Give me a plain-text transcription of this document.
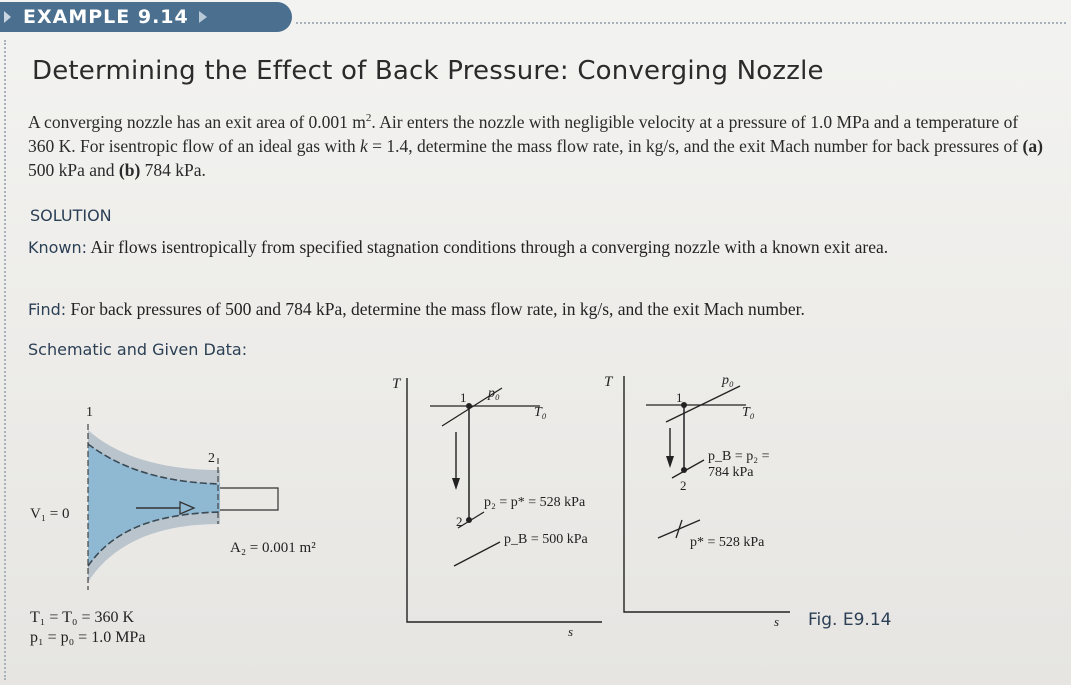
EXAMPLE 9.14
Determining the Effect of Back Pressure: Converging Nozzle
A converging nozzle has an exit area of 0.001 $m^2$. Air enters the nozzle with negligible velocity at a pressure of 1.0 MPa and a temperature of 360 K. For isentropic flow of an ideal gas with k = 1.4, determine the mass flow rate, in kg/s, and the exit Mach number for back pressures of (a) 500 kPa and (b) 784 kPa.
SOLUTION
Known: Air flows isentropically from specified stagnation conditions through a converging nozzle with a known exit area.
Find: For back pressures of 500 and 784 kPa, determine the mass flow rate, in kg/s, and the exit Mach number.
Schematic and Given Data:
1
2
V₁ = 0
A₂ = 0.001 m²
T₁ = T₀ = 360 K
p₁ = p₀ = 1.0 MPa
T
s
1
2
p₀
T₀
p₂ = p* = 528 kPa
p_B = 500 kPa
T
s
1
2
p₀
T₀
p_B = p₂ =
784 kPa
p* = 528 kPa
Fig. E9.14
